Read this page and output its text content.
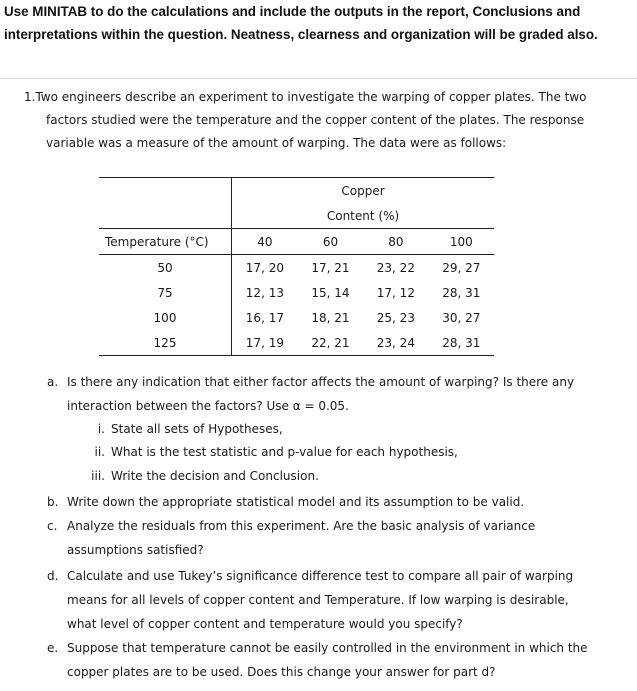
Use MINITAB to do the calculations and include the outputs in the report, Conclusions and interpretations within the question. Neatness, clearness and organization will be graded also.
1.Two engineers describe an experiment to investigate the warping of copper plates. The two
factors studied were the temperature and the copper content of the plates. The response variable was a measure of the amount of warping. The data were as follows:
	Copper			
	Content (%)			
Temperature (°C)	40	60	80	100
50	17, 20	17, 21	23, 22	29, 27
75	12, 13	15, 14	17, 12	28, 31
100	16, 17	18, 21	25, 23	30, 27
125	17, 19	22, 21	23, 24	28, 31
a. Is there any indication that either factor affects the amount of warping? Is there any interaction between the factors? Use α = 0.05.
i. State all sets of Hypotheses,
ii. What is the test statistic and p-value for each hypothesis,
iii. Write the decision and Conclusion.
b. Write down the appropriate statistical model and its assumption to be valid.
c. Analyze the residuals from this experiment. Are the basic analysis of variance assumptions satisfied?
d. Calculate and use Tukey’s significance difference test to compare all pair of warping means for all levels of copper content and Temperature. If low warping is desirable, what level of copper content and temperature would you specify?
e. Suppose that temperature cannot be easily controlled in the environment in which the copper plates are to be used. Does this change your answer for part d?
